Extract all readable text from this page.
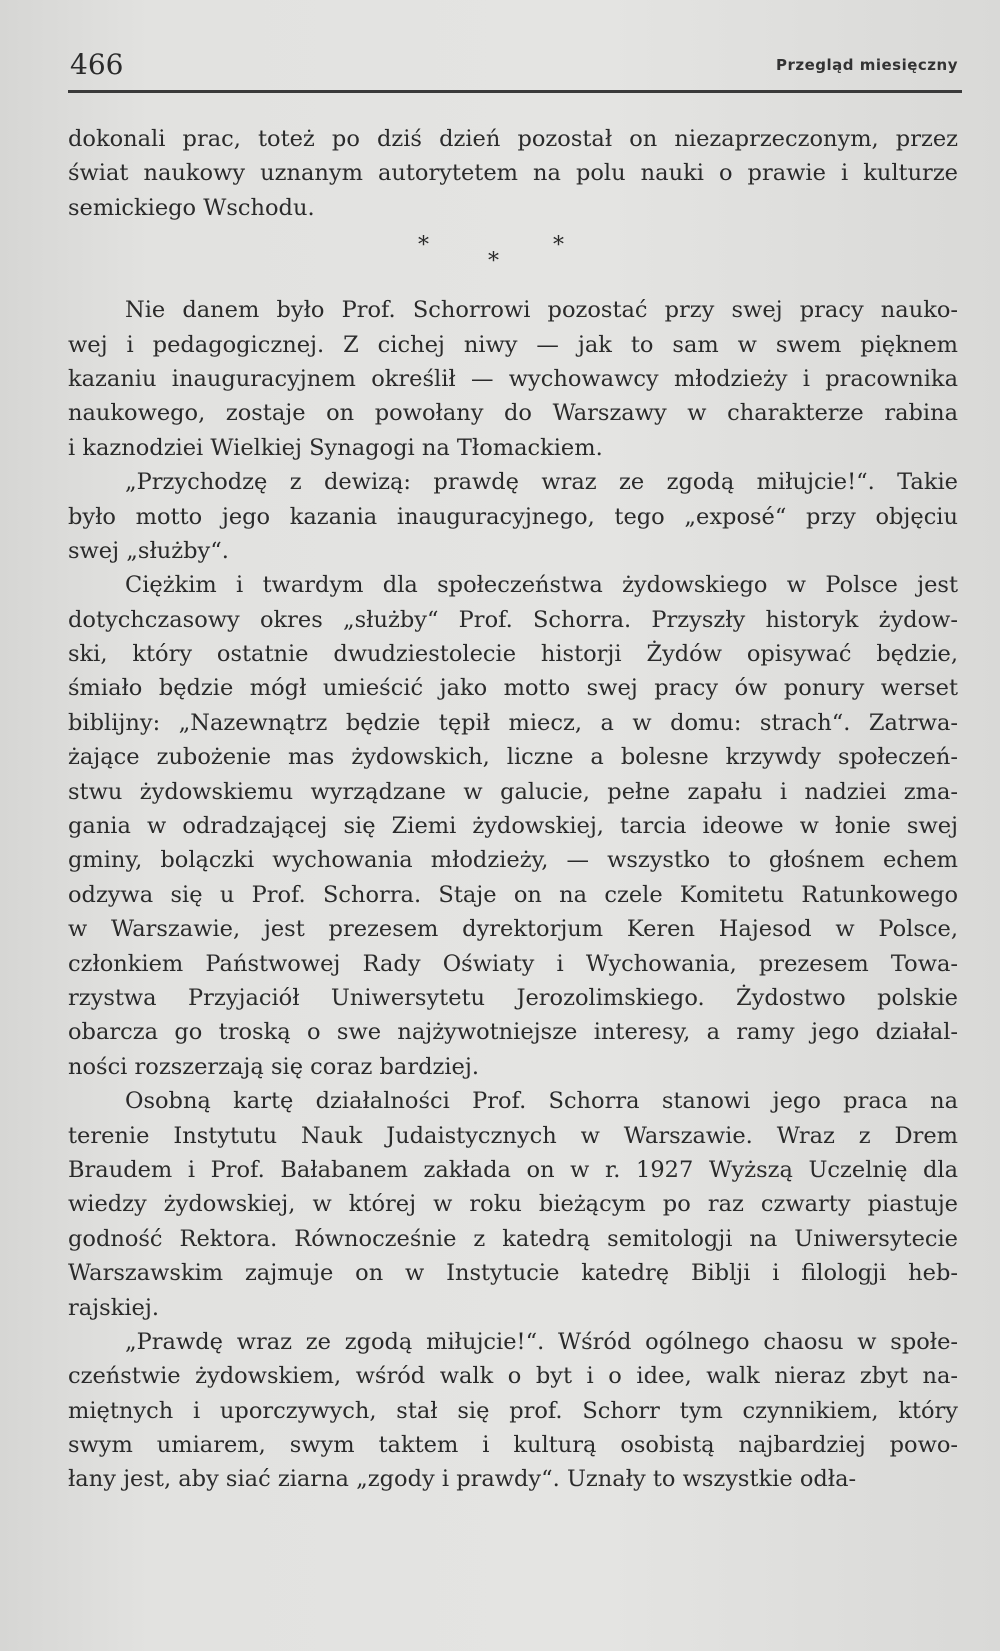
466	Przegląd miesięczny
dokonali prac, toteż po dziś dzień pozostał on niezaprzeczonym, przez
świat naukowy uznanym autorytetem na polu nauki o prawie i kulturze
semickiego Wschodu.
*
*
*
Nie danem było Prof. Schorrowi pozostać przy swej pracy nauko-
wej i pedagogicznej. Z cichej niwy — jak to sam w swem pięknem
kazaniu inauguracyjnem określił — wychowawcy młodzieży i pracownika
naukowego, zostaje on powołany do Warszawy w charakterze rabina
i kaznodziei Wielkiej Synagogi na Tłomackiem.
„Przychodzę z dewizą: prawdę wraz ze zgodą miłujcie!“. Takie
było motto jego kazania inauguracyjnego, tego „exposé“ przy objęciu
swej „służby“.
Ciężkim i twardym dla społeczeństwa żydowskiego w Polsce jest
dotychczasowy okres „służby“ Prof. Schorra. Przyszły historyk żydow-
ski, który ostatnie dwudziestolecie historji Żydów opisywać będzie,
śmiało będzie mógł umieścić jako motto swej pracy ów ponury werset
biblijny: „Nazewnątrz będzie tępił miecz, a w domu: strach“. Zatrwa-
żające zubożenie mas żydowskich, liczne a bolesne krzywdy społeczeń-
stwu żydowskiemu wyrządzane w galucie, pełne zapału i nadziei zma-
gania w odradzającej się Ziemi żydowskiej, tarcia ideowe w łonie swej
gminy, bolączki wychowania młodzieży, — wszystko to głośnem echem
odzywa się u Prof. Schorra. Staje on na czele Komitetu Ratunkowego
w Warszawie, jest prezesem dyrektorjum Keren Hajesod w Polsce,
członkiem Państwowej Rady Oświaty i Wychowania, prezesem Towa-
rzystwa Przyjaciół Uniwersytetu Jerozolimskiego. Żydostwo polskie
obarcza go troską o swe najżywotniejsze interesy, a ramy jego działal-
ności rozszerzają się coraz bardziej.
Osobną kartę działalności Prof. Schorra stanowi jego praca na
terenie Instytutu Nauk Judaistycznych w Warszawie. Wraz z Drem
Braudem i Prof. Bałabanem zakłada on w r. 1927 Wyższą Uczelnię dla
wiedzy żydowskiej, w której w roku bieżącym po raz czwarty piastuje
godność Rektora. Równocześnie z katedrą semitologji na Uniwersytecie
Warszawskim zajmuje on w Instytucie katedrę Biblji i filologji heb-
rajskiej.
„Prawdę wraz ze zgodą miłujcie!“. Wśród ogólnego chaosu w społe-
czeństwie żydowskiem, wśród walk o byt i o idee, walk nieraz zbyt na-
miętnych i uporczywych, stał się prof. Schorr tym czynnikiem, który
swym umiarem, swym taktem i kulturą osobistą najbardziej powo-
łany jest, aby siać ziarna „zgody i prawdy“. Uznały to wszystkie odła-
